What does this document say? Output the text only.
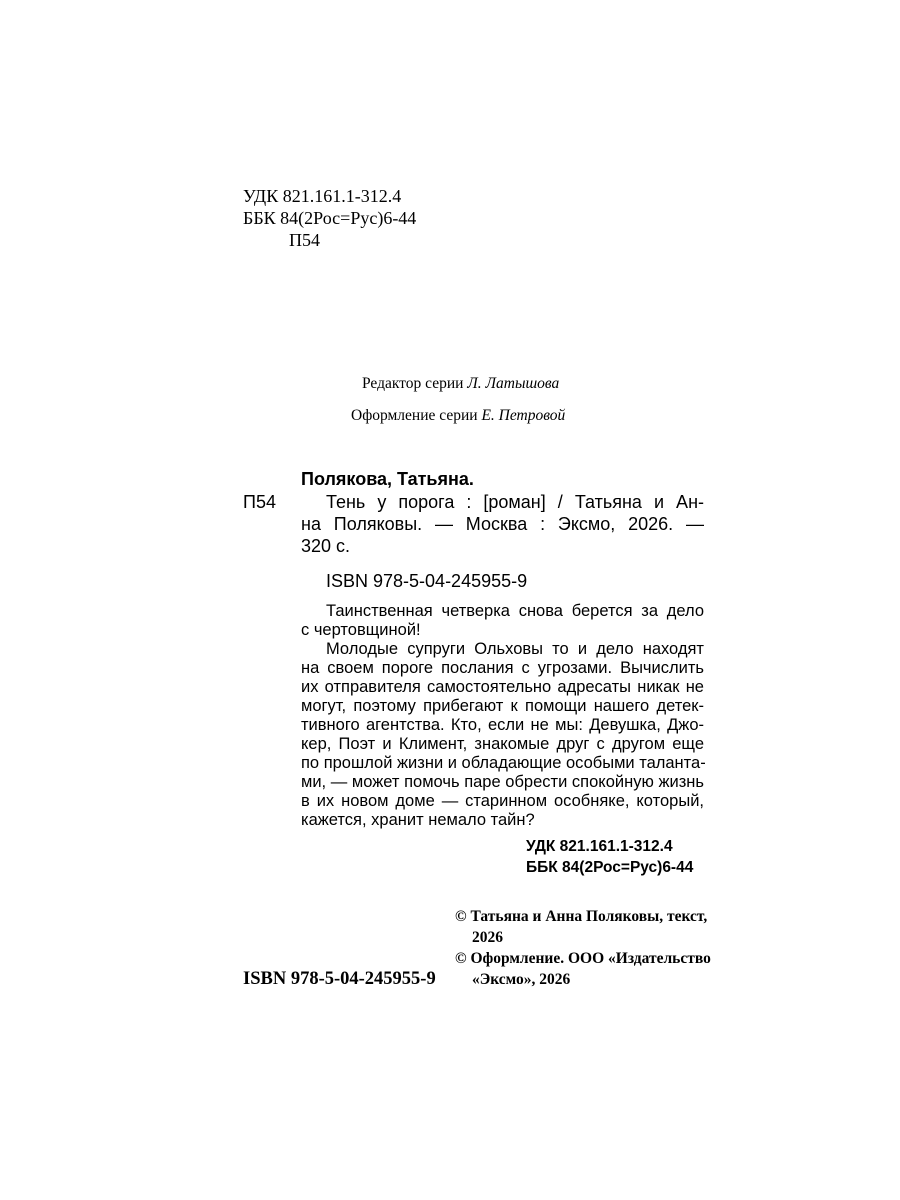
УДК 821.161.1-312.4
ББК 84(2Рос=Рус)6-44
П54
Редактор серии Л. Латышова
Оформление серии Е. Петровой
Полякова, Татьяна.
П54	Тень у порога : [роман] / Татьяна и Ан-
на Поляковы. — Москва : Эксмо, 2026. —
320 с.
ISBN 978-5-04-245955-9
Таинственная четверка снова берется за дело
с чертовщиной!
Молодые супруги Ольховы то и дело находят
на своем пороге послания с угрозами. Вычислить
их отправителя самостоятельно адресаты никак не
могут, поэтому прибегают к помощи нашего детек-
тивного агентства. Кто, если не мы: Девушка, Джо-
кер, Поэт и Климент, знакомые друг с другом еще
по прошлой жизни и обладающие особыми таланта-
ми, — может помочь паре обрести спокойную жизнь
в их новом доме — старинном особняке, который,
кажется, хранит немало тайн?
УДК 821.161.1-312.4
ББК 84(2Рос=Рус)6-44
© Татьяна и Анна Поляковы, текст,
2026
© Оформление. ООО «Издательство
«Эксмо», 2026
ISBN 978-5-04-245955-9
